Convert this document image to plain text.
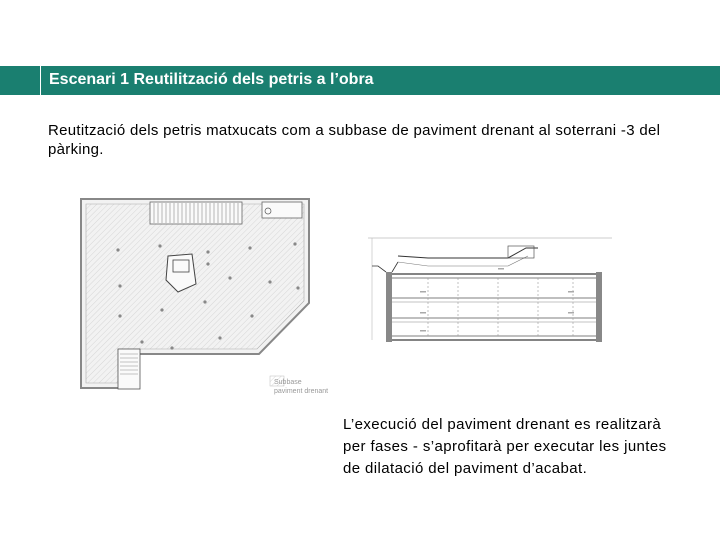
Escenari 1 Reutilització dels petris a l’obra
Reutització dels petris matxucats com a subbase de paviment drenant al soterrani -3 del pàrking.
Subbase
paviment drenant
L’execució del paviment drenant es realitzarà per fases - s’aprofitarà per executar les juntes de dilatació del paviment d’acabat.
